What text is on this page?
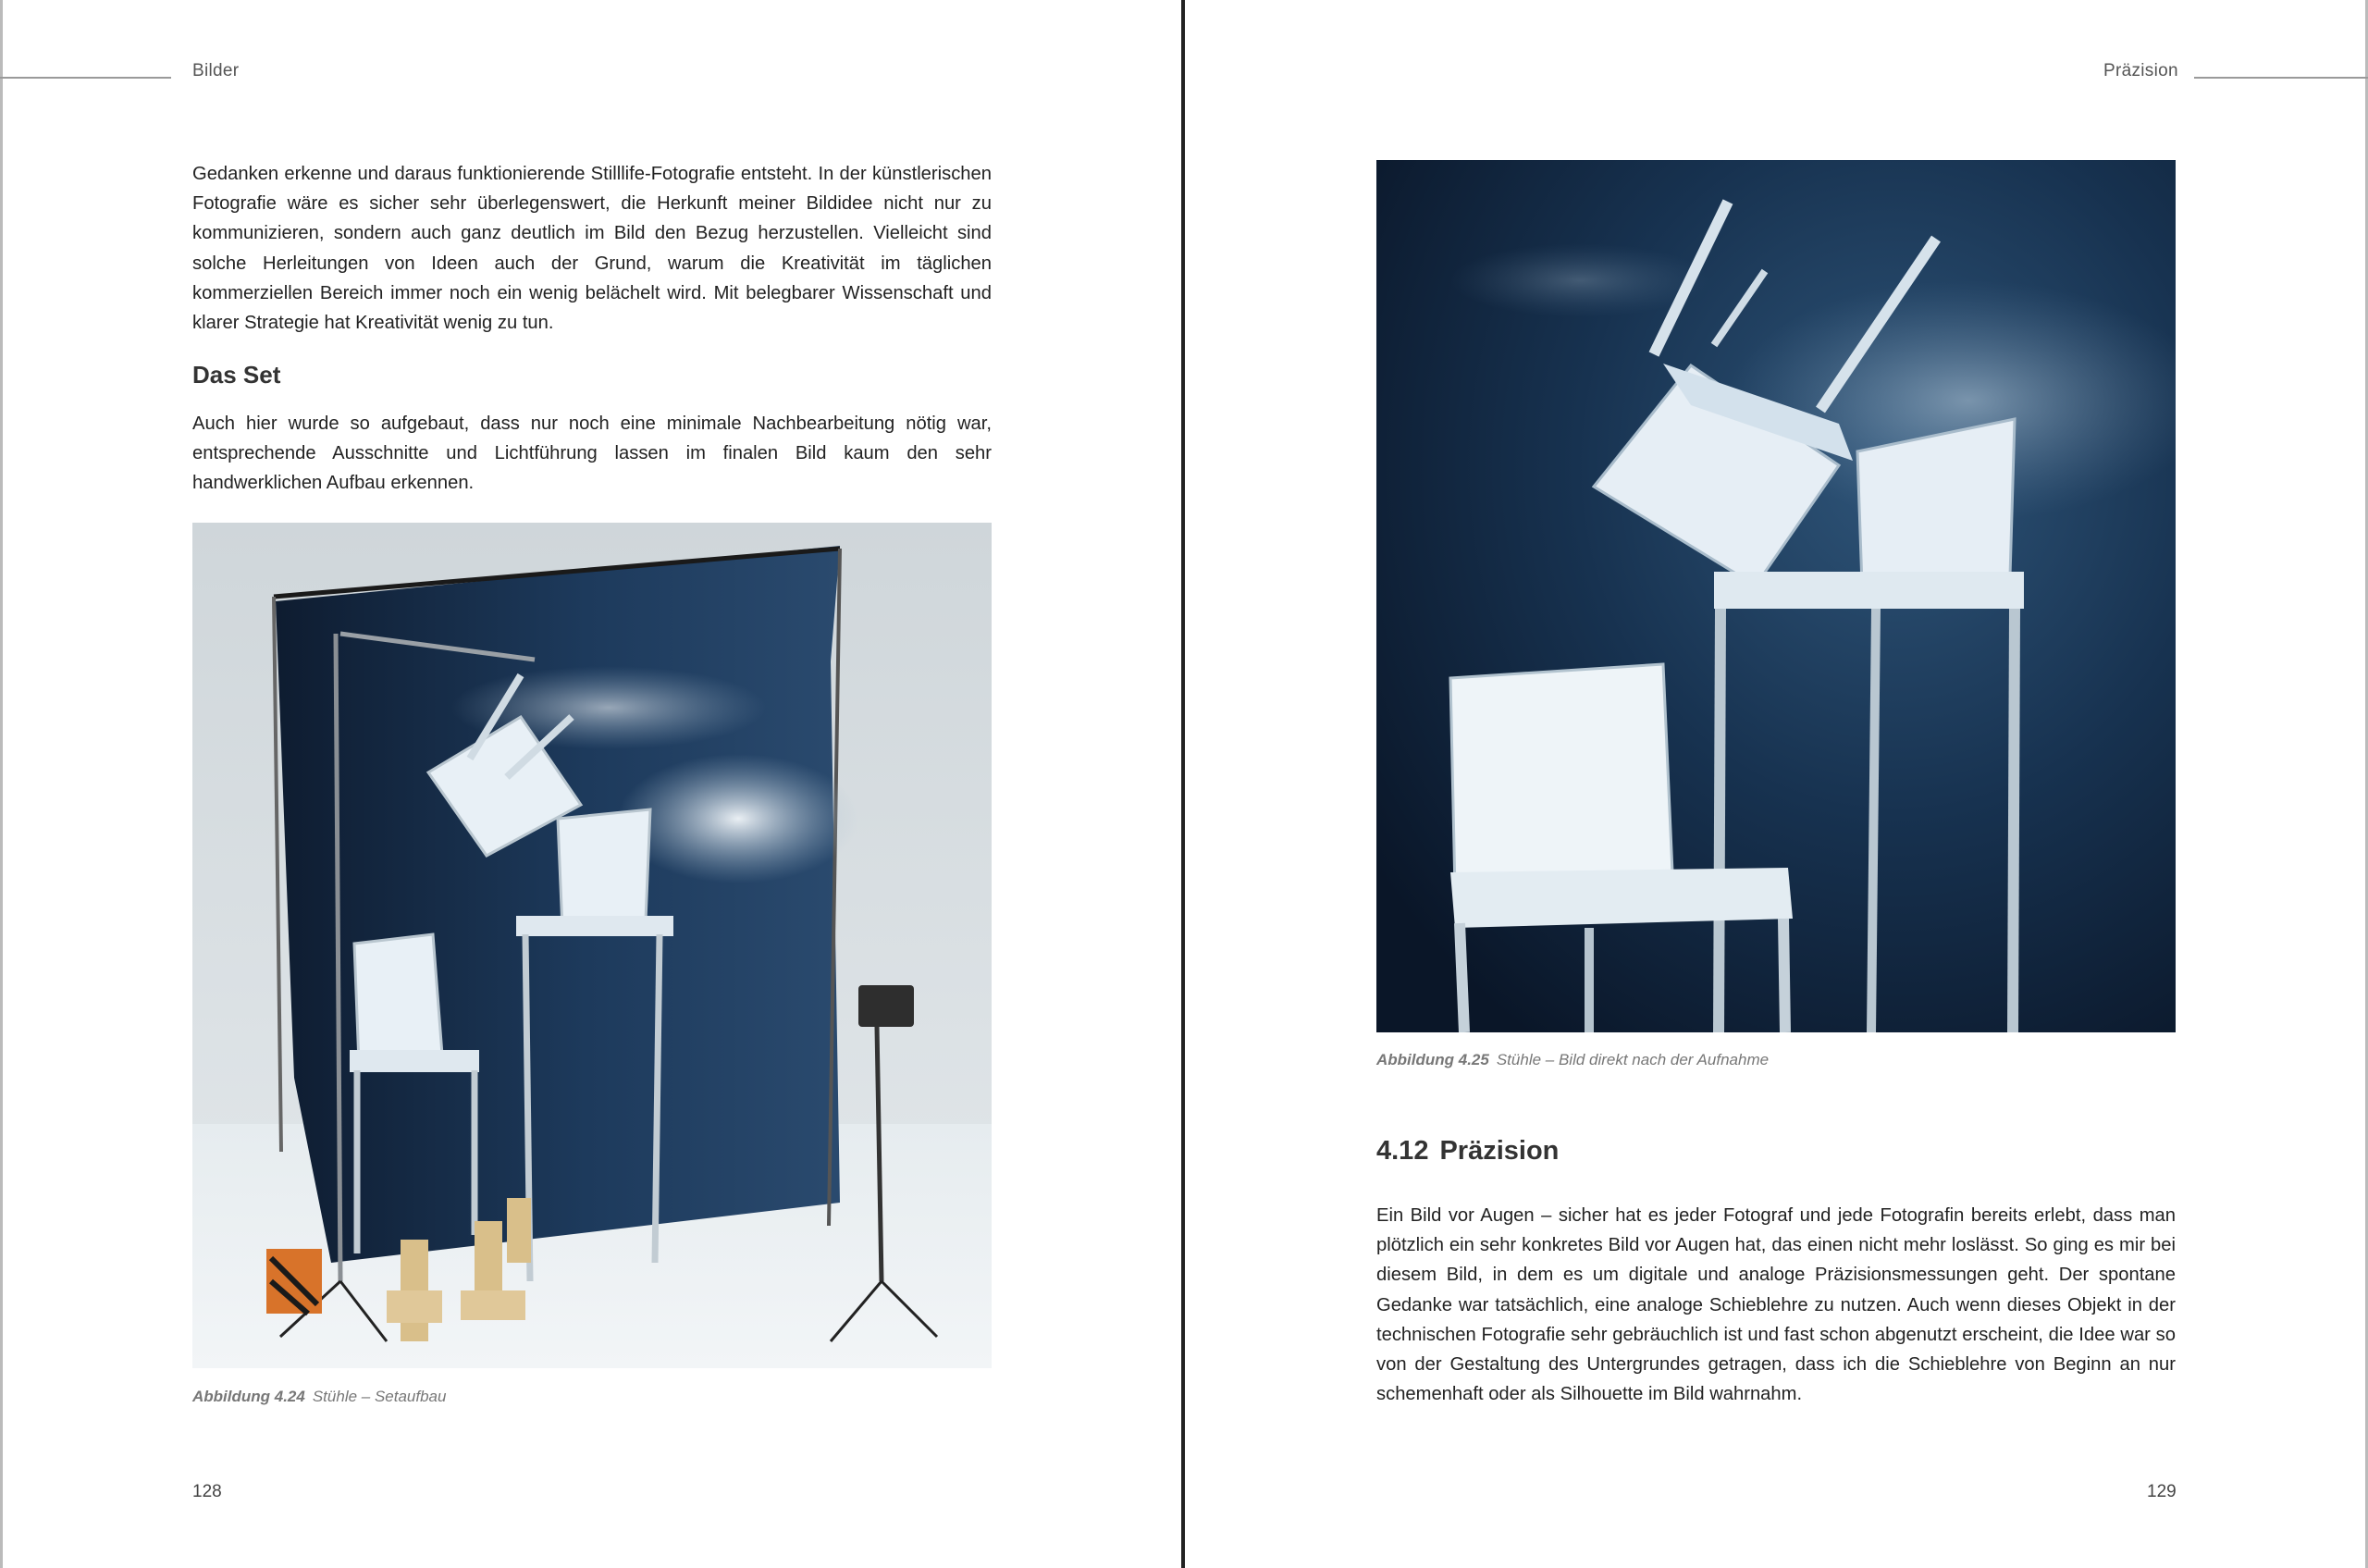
Bilder

Gedanken erkenne und daraus funktionierende Stilllife-Fotografie entsteht. In der künstlerischen Fotografie wäre es sicher sehr überlegenswert, die Herkunft meiner Bildidee nicht nur zu kommunizieren, sondern auch ganz deutlich im Bild den Bezug herzustellen. Vielleicht sind solche Herleitungen von Ideen auch der Grund, warum die Kreativität im täglichen kommerziellen Bereich immer noch ein wenig belächelt wird. Mit belegbarer Wissenschaft und klarer Strategie hat Kreativität wenig zu tun.

Das Set

Auch hier wurde so aufgebaut, dass nur noch eine minimale Nachbearbeitung nötig war, entsprechende Ausschnitte und Lichtführung lassen im finalen Bild kaum den sehr handwerklichen Aufbau erkennen.

Abbildung 4.24 Stühle – Setaufbau
128
Präzision
Abbildung 4.25 Stühle – Bild direkt nach der Aufnahme
4.12 Präzision

Ein Bild vor Augen – sicher hat es jeder Fotograf und jede Fotografin bereits erlebt, dass man plötzlich ein sehr konkretes Bild vor Augen hat, das einen nicht mehr loslässt. So ging es mir bei diesem Bild, in dem es um digitale und analoge Präzisionsmessungen geht. Der spontane Gedanke war tatsächlich, eine analoge Schieblehre zu nutzen. Auch wenn dieses Objekt in der technischen Fotografie sehr gebräuchlich ist und fast schon abgenutzt erscheint, die Idee war so von der Gestaltung des Untergrundes getragen, dass ich die Schieblehre von Beginn an nur schemenhaft oder als Silhouette im Bild wahrnahm.

129
